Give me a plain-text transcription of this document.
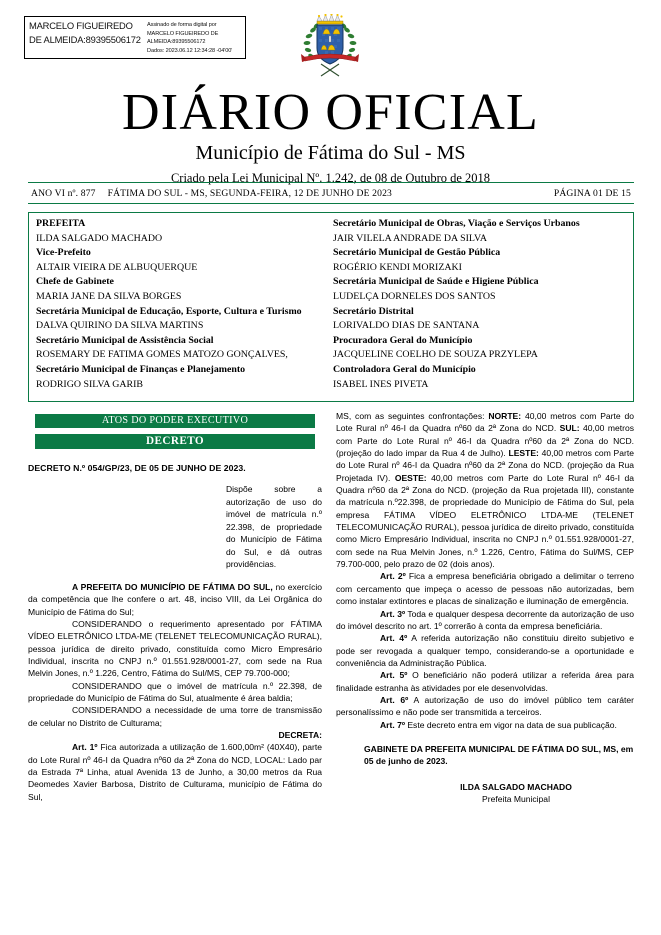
MARCELO FIGUEIREDO DE ALMEIDA:89395506172
Assinado de forma digital por
MARCELO FIGUEIREDO DE
ALMEIDA:89395506172
Dados: 2023.06.12 12:34:28 -04'00'
DIÁRIO OFICIAL
Município de Fátima do Sul - MS
Criado pela Lei Municipal Nº. 1.242, de 08 de Outubro de 2018
ANO VI nº. 877	FÁTIMA DO SUL - MS, SEGUNDA-FEIRA, 12 DE JUNHO DE 2023	PÁGINA 01 DE 15
PREFEITA
ILDA SALGADO MACHADO
Vice-Prefeito
ALTAIR VIEIRA DE ALBUQUERQUE
Chefe de Gabinete
MARIA JANE DA SILVA BORGES
Secretária Municipal de Educação, Esporte, Cultura e Turismo
DALVA QUIRINO DA SILVA MARTINS
Secretário Municipal de Assistência Social
ROSEMARY DE FATIMA GOMES MATOZO GONÇALVES,
Secretário Municipal de Finanças e Planejamento
RODRIGO SILVA GARIB
Secretário Municipal de Obras, Viação e Serviços Urbanos
JAIR VILELA ANDRADE DA SILVA
Secretário Municipal de Gestão Pública
ROGÉRIO KENDI MORIZAKI
Secretária Municipal de Saúde e Higiene Pública
LUDELÇA DORNELES DOS SANTOS
Secretário Distrital
LORIVALDO DIAS DE SANTANA
Procuradora Geral do Município
JACQUELINE COELHO DE SOUZA PRZYLEPA
Controladora Geral do Município
ISABEL INES PIVETA
ATOS DO PODER EXECUTIVO
DECRETO
DECRETO N.º 054/GP/23, DE 05 DE JUNHO DE 2023.
Dispõe sobre a autorização de uso do imóvel de matrícula n.º 22.398, de propriedade do Município de Fátima do Sul, e dá outras providências.

A PREFEITA DO MUNICÍPIO DE FÁTIMA DO SUL, no exercício da competência que lhe confere o art. 48, inciso VIII, da Lei Orgânica do Município de Fátima do Sul;

CONSIDERANDO o requerimento apresentado por FÁTIMA VÍDEO ELETRÔNICO LTDA-ME (TELENET TELECOMUNICAÇÃO RURAL), pessoa jurídica de direito privado, constituída como Micro Empresário Individual, inscrita no CNPJ n.º 01.551.928/0001-27, com sede na Rua Melvin Jones, n.º 1.226, Centro, Fátima do Sul/MS, CEP 79.700-000;

CONSIDERANDO que o imóvel de matrícula n.º 22.398, de propriedade do Município de Fátima do Sul, atualmente é área baldia;

CONSIDERANDO a necessidade de uma torre de transmissão de celular no Distrito de Culturama;

DECRETA:

Art. 1º Fica autorizada a utilização de 1.600,00m² (40X40), parte do Lote Rural nº 46-I da Quadra nº60 da 2ª Zona do NCD, LOCAL: Lado par da Estrada 7ª Linha, atual Avenida 13 de Junho, a 30,00 metros da Rua Deomedes Xavier Barbosa, Distrito de Culturama, município de Fátima do Sul,

MS, com as seguintes confrontações: NORTE: 40,00 metros com Parte do Lote Rural nº 46-I da Quadra nº60 da 2ª Zona do NCD. SUL: 40,00 metros com Parte do Lote Rural nº 46-I da Quadra nº60 da 2ª Zona do NCD. (projeção do lado impar da Rua 4 de Julho). LESTE: 40,00 metros com Parte do Lote Rural nº 46-I da Quadra nº60 da 2ª Zona do NCD. (projeção da Rua Projetada IV). OESTE: 40,00 metros com Parte do Lote Rural nº 46-I da Quadra nº60 da 2ª Zona do NCD. (projeção da Rua projetada III), constante da matrícula n.º22.398, de propriedade do Município de Fátima do Sul, pela empresa FÁTIMA VÍDEO ELETRÔNICO LTDA-ME (TELENET TELECOMUNICAÇÃO RURAL), pessoa jurídica de direito privado, constituída como Micro Empresário Individual, inscrita no CNPJ n.º 01.551.928/0001-27, com sede na Rua Melvin Jones, n.º 1.226, Centro, Fátima do Sul/MS, CEP 79.700-000, pelo prazo de 02 (dois anos).

Art. 2º Fica a empresa beneficiária obrigado a delimitar o terreno com cercamento que impeça o acesso de pessoas não autorizadas, bem como instalar extintores e placas de sinalização e iluminação de emergência.

Art. 3º Toda e qualquer despesa decorrente da autorização de uso do imóvel descrito no art. 1º correrão à conta da empresa beneficiária.

Art. 4º A referida autorização não constituiu direito subjetivo e pode ser revogada a qualquer tempo, considerando-se a oportunidade e conveniência da Administração Pública.

Art. 5º O beneficiário não poderá utilizar a referida área para finalidade estranha às atividades por ele desenvolvidas.

Art. 6º A autorização de uso do imóvel público tem caráter personalíssimo e não pode ser transmitida a terceiros.

Art. 7º Este decreto entra em vigor na data de sua publicação.

GABINETE DA PREFEITA MUNICIPAL DE FÁTIMA DO SUL, MS, em 05 de junho de 2023.

ILDA SALGADO MACHADO

Prefeita Municipal
